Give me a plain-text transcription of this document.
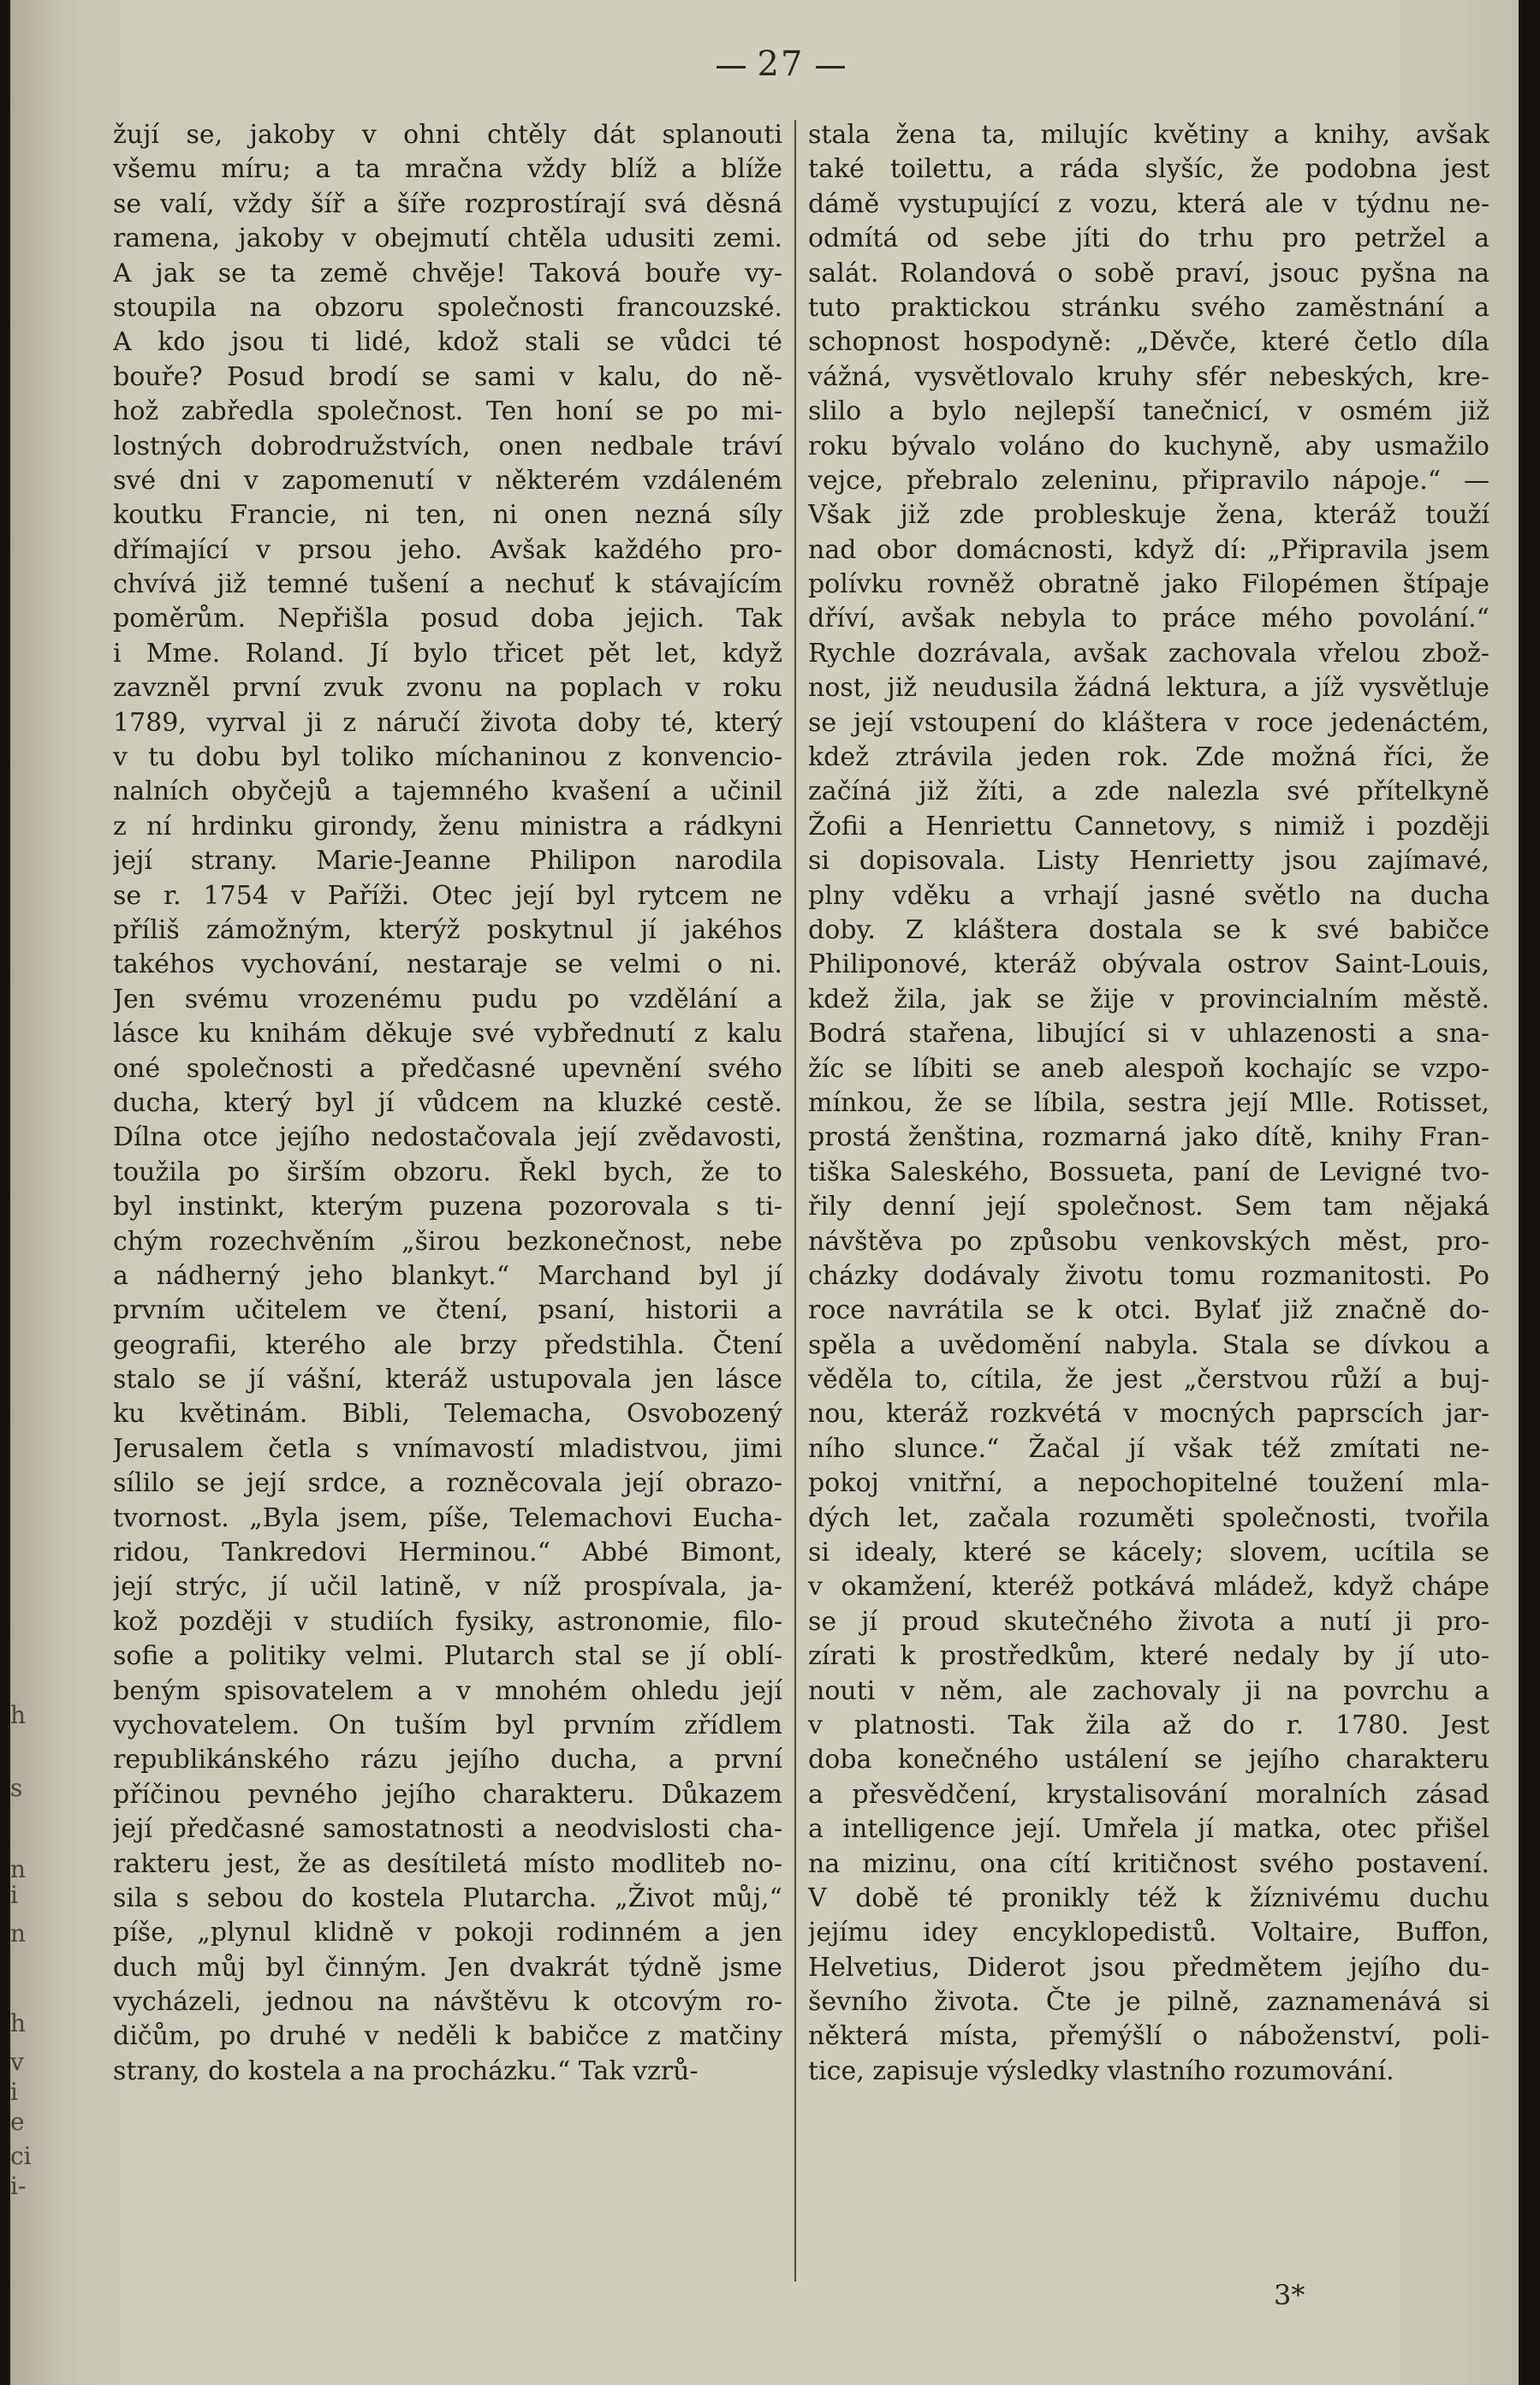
27
h
s
n
i
n
h
v
i
e
ci
i-
žují se, jakoby v ohni chtěly dát splanouti
všemu míru; a ta mračna vždy blíž a blíže
se valí, vždy šíř a šíře rozprostírají svá děsná
ramena, jakoby v obejmutí chtěla udusiti zemi.
A jak se ta země chvěje! Taková bouře vy-
stoupila na obzoru společnosti francouzské.
A kdo jsou ti lidé, kdož stali se vůdci té
bouře? Posud brodí se sami v kalu, do ně-
hož zabředla společnost. Ten honí se po mi-
lostných dobrodružstvích, onen nedbale tráví
své dni v zapomenutí v některém vzdáleném
koutku Francie, ni ten, ni onen nezná síly
dřímající v prsou jeho. Avšak každého pro-
chvívá již temné tušení a nechuť k stávajícím
poměrům. Nepřišla posud doba jejich. Tak
i Mme. Roland. Jí bylo třicet pět let, když
zavzněl první zvuk zvonu na poplach v roku
1789, vyrval ji z náručí života doby té, který
v tu dobu byl toliko míchaninou z konvencio-
nalních obyčejů a tajemného kvašení a učinil
z ní hrdinku girondy, ženu ministra a rádkyni
její strany. Marie-Jeanne Philipon narodila
se r. 1754 v Paříži. Otec její byl rytcem ne
příliš zámožným, kterýž poskytnul jí jakéhos
takéhos vychování, nestaraje se velmi o ni.
Jen svému vrozenému pudu po vzdělání a
lásce ku knihám děkuje své vybřednutí z kalu
oné společnosti a předčasné upevnění svého
ducha, který byl jí vůdcem na kluzké cestě.
Dílna otce jejího nedostačovala její zvědavosti,
toužila po širším obzoru. Řekl bych, že to
byl instinkt, kterým puzena pozorovala s ti-
chým rozechvěním „širou bezkonečnost, nebe
a nádherný jeho blankyt.“ Marchand byl jí
prvním učitelem ve čtení, psaní, historii a
geografii, kterého ale brzy předstihla. Čtení
stalo se jí vášní, kteráž ustupovala jen lásce
ku květinám. Bibli, Telemacha, Osvobozený
Jerusalem četla s vnímavostí mladistvou, jimi
sílilo se její srdce, a rozněcovala její obrazo-
tvornost. „Byla jsem, píše, Telemachovi Eucha-
ridou, Tankredovi Herminou.“ Abbé Bimont,
její strýc, jí učil latině, v níž prospívala, ja-
kož později v studiích fysiky, astronomie, filo-
sofie a politiky velmi. Plutarch stal se jí oblí-
beným spisovatelem a v mnohém ohledu její
vychovatelem. On tuším byl prvním zřídlem
republikánského rázu jejího ducha, a první
příčinou pevného jejího charakteru. Důkazem
její předčasné samostatnosti a neodvislosti cha-
rakteru jest, že as desítiletá místo modliteb no-
sila s sebou do kostela Plutarcha. „Život můj,“
píše, „plynul klidně v pokoji rodinném a jen
duch můj byl činným. Jen dvakrát týdně jsme
vycházeli, jednou na návštěvu k otcovým ro-
dičům, po druhé v neděli k babičce z matčiny
strany, do kostela a na procházku.“ Tak vzrů-
stala žena ta, milujíc květiny a knihy, avšak
také toilettu, a ráda slyšíc, že podobna jest
dámě vystupující z vozu, která ale v týdnu ne-
odmítá od sebe jíti do trhu pro petržel a
salát. Rolandová o sobě praví, jsouc pyšna na
tuto praktickou stránku svého zaměstnání a
schopnost hospodyně: „Děvče, které četlo díla
vážná, vysvětlovalo kruhy sfér nebeských, kre-
slilo a bylo nejlepší tanečnicí, v osmém již
roku bývalo voláno do kuchyně, aby usmažilo
vejce, přebralo zeleninu, připravilo nápoje.“ —
Však již zde probleskuje žena, kteráž touží
nad obor domácnosti, když dí: „Připravila jsem
polívku rovněž obratně jako Filopémen štípaje
dříví, avšak nebyla to práce mého povolání.“
Rychle dozrávala, avšak zachovala vřelou zbož-
nost, již neudusila žádná lektura, a jíž vysvětluje
se její vstoupení do kláštera v roce jedenáctém,
kdež ztrávila jeden rok. Zde možná říci, že
začíná již žíti, a zde nalezla své přítelkyně
Žofii a Henriettu Cannetovy, s nimiž i později
si dopisovala. Listy Henrietty jsou zajímavé,
plny vděku a vrhají jasné světlo na ducha
doby. Z kláštera dostala se k své babičce
Philiponové, kteráž obývala ostrov Saint-Louis,
kdež žila, jak se žije v provincialním městě.
Bodrá stařena, libující si v uhlazenosti a sna-
žíc se líbiti se aneb alespoň kochajíc se vzpo-
mínkou, že se líbila, sestra její Mlle. Rotisset,
prostá ženština, rozmarná jako dítě, knihy Fran-
tiška Saleského, Bossueta, paní de Levigné tvo-
řily denní její společnost. Sem tam nějaká
návštěva po způsobu venkovských měst, pro-
cházky dodávaly životu tomu rozmanitosti. Po
roce navrátila se k otci. Bylať již značně do-
spěla a uvědomění nabyla. Stala se dívkou a
věděla to, cítila, že jest „čerstvou růží a buj-
nou, kteráž rozkvétá v mocných paprscích jar-
ního slunce.“ Žačal jí však též zmítati ne-
pokoj vnitřní, a nepochopitelné toužení mla-
dých let, začala rozuměti společnosti, tvořila
si idealy, které se kácely; slovem, ucítila se
v okamžení, kteréž potkává mládež, když chápe
se jí proud skutečného života a nutí ji pro-
zírati k prostředkům, které nedaly by jí uto-
nouti v něm, ale zachovaly ji na povrchu a
v platnosti. Tak žila až do r. 1780. Jest
doba konečného ustálení se jejího charakteru
a přesvědčení, krystalisování moralních zásad
a intelligence její. Umřela jí matka, otec přišel
na mizinu, ona cítí kritičnost svého postavení.
V době té pronikly též k žíznivému duchu
jejímu idey encyklopedistů. Voltaire, Buffon,
Helvetius, Diderot jsou předmětem jejího du-
ševního života. Čte je pilně, zaznamenává si
některá místa, přemýšlí o náboženství, poli-
tice, zapisuje výsledky vlastního rozumování.
3*
